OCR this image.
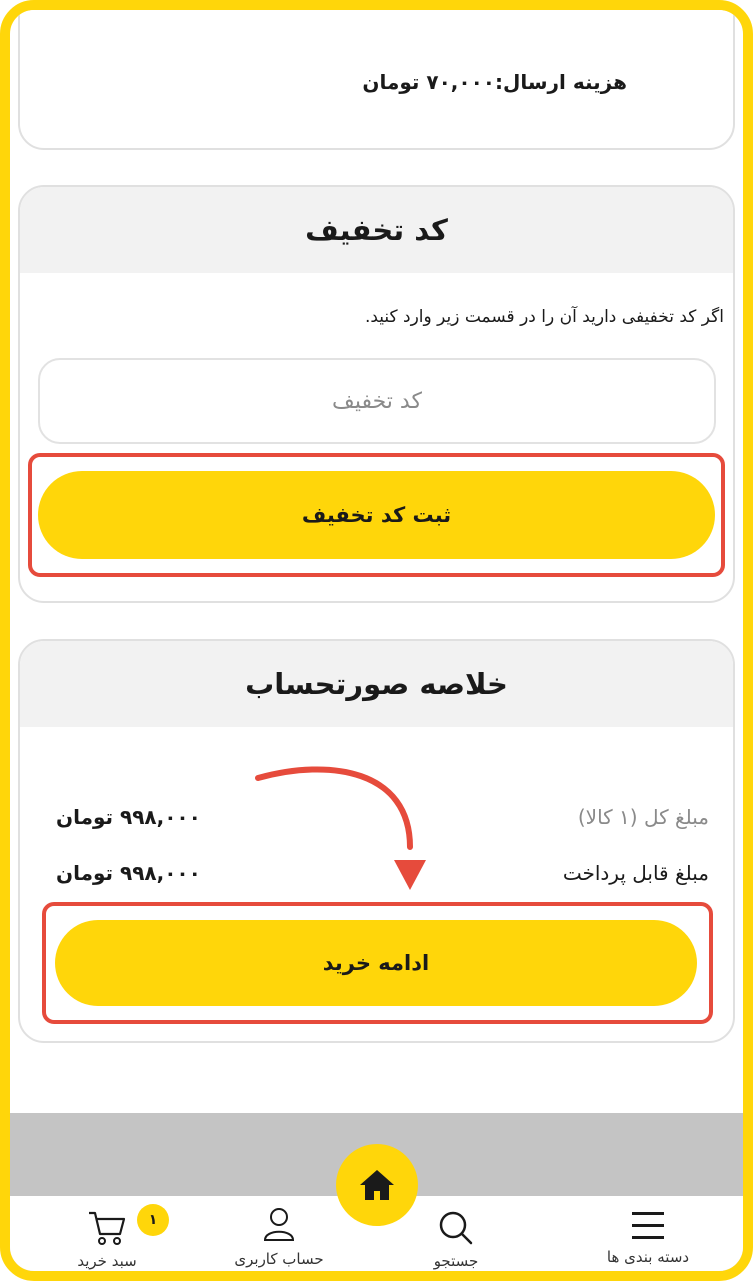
هزینه ارسال:۷۰,۰۰۰ تومان
کد تخفیف
اگر کد تخفیفی دارید آن را در قسمت زیر وارد کنید.
کد تخفیف
ثبت کد تخفیف
خلاصه صورتحساب
مبلغ کل (۱ کالا)
۹۹۸,۰۰۰ تومان
مبلغ قابل پرداخت
۹۹۸,۰۰۰ تومان
ادامه خرید
دسته بندی ها
جستجو
حساب کاربری
سبد خرید
۱
